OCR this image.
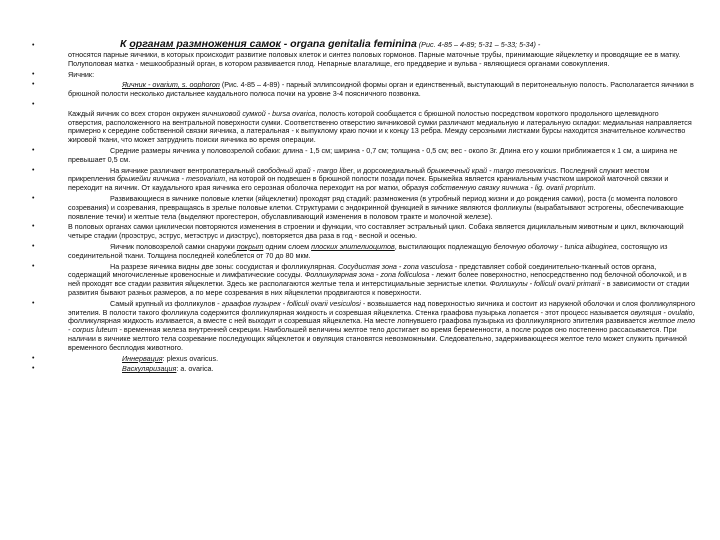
•	К органам размножения самок - organa genitalia feminina (Рис. 4-85 – 4-89; 5-31 – 5-33; 5-34) -
относятся парные яичники, в которых происходит развитие половых клеток и синтез половых гормонов. Парные маточные трубы, принимающие яйцеклетку и проводящие ее в матку. Полуполовая матка - мешкообразный орган, в котором развивается плод. Непарные влагалище, его преддверие и вульва - являющиеся органами совокупления.
•	Яичник:
•	Яичник - ovarium, s. oophoron (Рис. 4-85 – 4-89) - парный эллипсоидной формы орган и единственный, выступающий в перитонеальную полость. Располагается яичники в брюшной полости несколько дистальнее каудального полюса почки на уровне 3-4 поясничного позвонка.
•

Каждый яичник со всех сторон окружен яичниковой сумкой - bursa ovarica, полость которой сообщается с брюшной полостью посредством короткого продольного щелевидного отверстия, расположенного на вентральной поверхности сумки. Соответственно отверстию яичниковой сумки различают медиальную и латеральную складки: медиальная направляется примерно к середине собственной связки яичника, а латеральная - к выпуклому краю почки и к концу 13 ребра. Между серозными листками бурсы находится значительное количество жировой ткани, что может затруднить поиски яичника во время операции.
•	Средние размеры яичника у половозрелой собаки: длина - 1,5 см; ширина - 0,7 см; толщина - 0,5 см; вес - около 3г. Длина его у кошки приближается к 1 см, а ширина не превышает 0,5 см.
•	На яичнике различают вентролатеральный свободный край - margo liber, и дорсомедиальный брыжеечный край - margo mesovaricus. Последний служит местом прикрепления брыжейки яичника - mesovarium, на которой он подвешен в брюшной полости позади почек. Брыжейка является краниальным участком широкой маточной связки и переходит на яичник. От каудального края яичника его серозная оболочка переходит на рог матки, образуя собственную связку яичника - lig. ovarii proprium.
•	Развивающиеся в яичнике половые клетки (яйцеклетки) проходят ряд стадий: размножения (в утробный период жизни и до рождения самки), роста (с момента полового созревания) и созревания, превращаясь в зрелые половые клетки. Структурами с эндокринной функцией в яичнике являются фолликулы (вырабатывают эстрогены, обеспечивающие появление течки) и желтые тела (выделяют прогестерон, обуславливающий изменения в половом тракте и молочной железе).
•	В половых органах самки циклически повторяются изменения в строении и функции, что составляет эстральный цикл. Собака является дициклальным животным и цикл, включающий четыре стадии (проэструс, эструс, метэструс и диэструс), повторяется два раза в год - весной и осенью.
•	Яичник половозрелой самки снаружи покрыт одним слоем плоских эпителиоцитов, выстилающих подлежащую белочную оболочку - tunica albuginea, состоящую из соединительной ткани. Толщина последней колеблется от 70 до 80 мкм.
•	На разрезе яичника видны две зоны: сосудистая и фолликулярная. Сосудистая зона - zona vasculosa - представляет собой соединительно-тканный остов органа, содержащий многочисленные кровеносные и лимфатические сосуды. Фолликулярная зона - zona folliculosa - лежит более поверхностно, непосредственно под белочной оболочкой, и в ней проходят все стадии развития яйцеклетки. Здесь же располагаются желтые тела и интерстициальные зернистые клетки. Фолликулы - folliculi ovarii primarii - в зависимости от стадии развития бывают разных размеров, а по мере созревания в них яйцеклетки продвигаются к поверхности.
•	Самый крупный из фолликулов - граафов пузырек - folliculi ovarii vesiculosi - возвышается над поверхностью яичника и состоит из наружной оболочки и слоя фолликулярного эпителия. В полости такого фолликула содержится фолликулярная жидкость и созревшая яйцеклетка. Стенка граафова пузырька лопается - этот процесс называется овуляция - ovulatio, фолликулярная жидкость изливается, а вместе с ней выходит и созревшая яйцеклетка. На месте лопнувшего граафова пузырька из фолликулярного эпителия развивается желтое тело - corpus luteum - временная железа внутренней секреции. Наибольшей величины желтое тело достигает во время беременности, а после родов оно постепенно рассасывается. При наличии в яичнике желтого тела созревание последующих яйцеклеток и овуляция становятся невозможными. Следовательно, задерживающееся желтое тело может служить причиной временного бесплодия животного.
•	Иннервация: plexus ovaricus.
•	Васкуляризация: a. ovarica.
